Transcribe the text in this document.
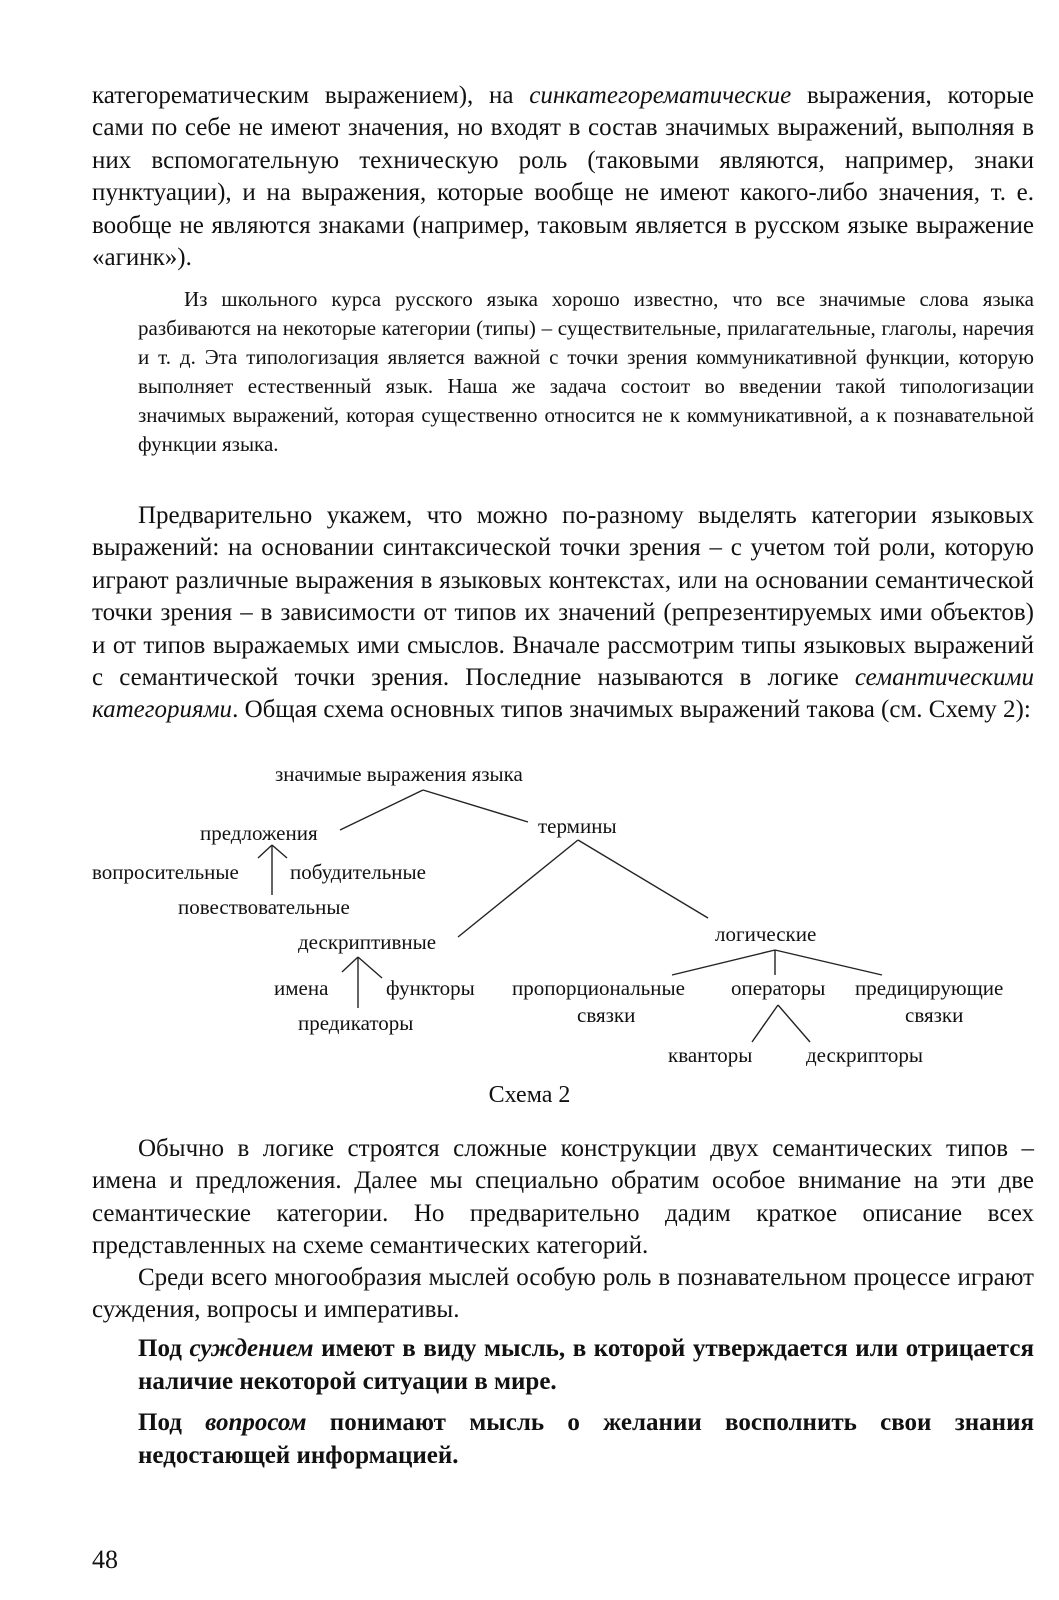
категорематическим выражением), на синкатегорематические выражения, которые сами по себе не имеют значения, но входят в состав значимых выражений, выполняя в них вспомогательную техническую роль (таковыми являются, например, знаки пунктуации), и на выражения, которые вообще не имеют какого-либо значения, т. е. вообще не являются знаками (например, таковым является в русском языке выражение «агинк»).

Из школьного курса русского языка хорошо известно, что все значимые слова языка разбиваются на некоторые категории (типы) – существительные, прилагательные, глаголы, наречия и т. д. Эта типологизация является важной с точки зрения коммуникативной функции, которую выполняет естественный язык. Наша же задача состоит во введении такой типологизации значимых выражений, которая существенно относится не к коммуникативной, а к познавательной функции языка.

Предварительно укажем, что можно по-разному выделять категории языковых выражений: на основании синтаксической точки зрения – с учетом той роли, которую играют различные выражения в языковых контекстах, или на основании семантической точки зрения – в зависимости от типов их значений (репрезентируемых ими объектов) и от типов выражаемых ими смыслов. Вначале рассмотрим типы языковых выражений с семантической точки зрения. Последние называются в логике семантическими категориями. Общая схема основных типов значимых выражений такова (см. Схему 2):

значимые выражения языка
предложения	термины
вопросительные побудительные
повествовательные
дескриптивные	логические
имена	функторы пропорциональные
связки
операторы предицирующие
связки
предикаторы
кванторы	дескрипторы
Схема 2

Обычно в логике строятся сложные конструкции двух семантических типов – имена и предложения. Далее мы специально обратим особое внимание на эти две семантические категории. Но предварительно дадим краткое описание всех представленных на схеме семантических категорий.

Среди всего многообразия мыслей особую роль в познавательном процессе играют суждения, вопросы и императивы.

Под суждением имеют в виду мысль, в которой утверждается или отрицается наличие некоторой ситуации в мире.

Под вопросом понимают мысль о желании восполнить свои знания недостающей информацией.

48
